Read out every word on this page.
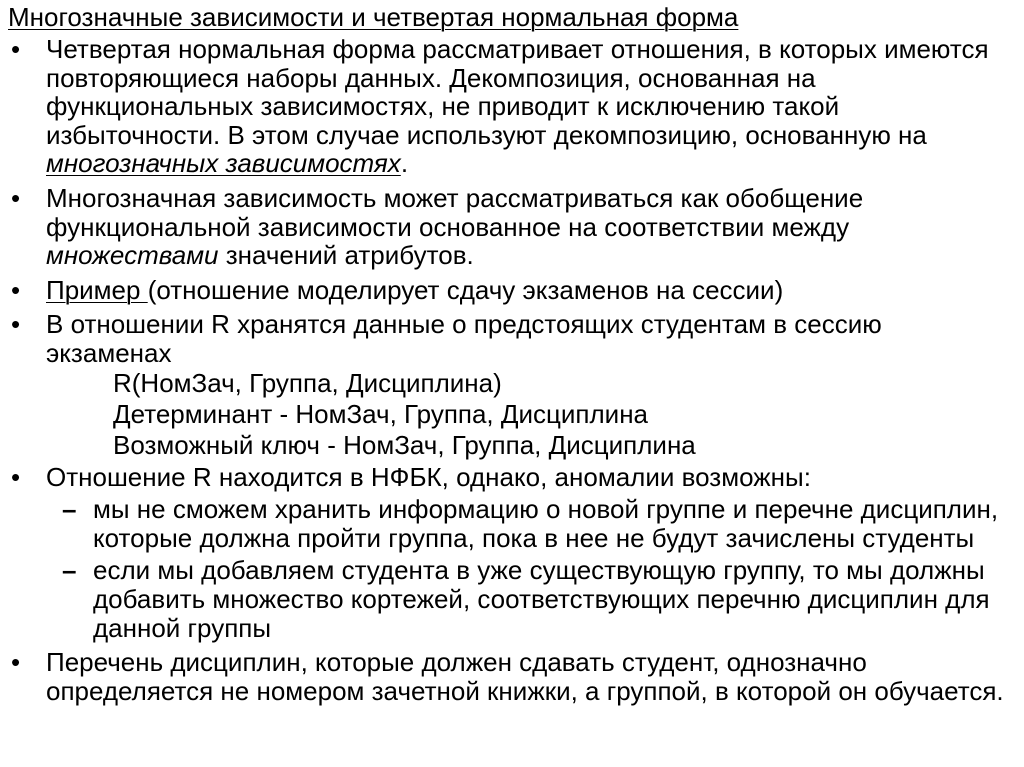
Многозначные зависимости и четвертая нормальная форма
• Четвертая нормальная форма рассматривает отношения, в которых имеются повторяющиеся наборы данных. Декомпозиция, основанная на функциональных зависимостях, не приводит к исключению такой избыточности. В этом случае используют декомпозицию, основанную на многозначных зависимостях.
• Многозначная зависимость может рассматриваться как обобщение функциональной зависимости основанное на соответствии между множествами значений атрибутов.
• Пример (отношение моделирует сдачу экзаменов на сессии)
• В отношении R хранятся данные о предстоящих студентам в сессию экзаменах
R(НомЗач, Группа, Дисциплина)
Детерминант - НомЗач, Группа, Дисциплина
Возможный ключ - НомЗач, Группа, Дисциплина
• Отношение R находится в НФБК, однако, аномалии возможны:
– мы не сможем хранить информацию о новой группе и перечне дисциплин, которые должна пройти группа, пока в нее не будут зачислены студенты
– если мы добавляем студента в уже существующую группу, то мы должны добавить множество кортежей, соответствующих перечню дисциплин для данной группы
• Перечень дисциплин, которые должен сдавать студент, однозначно определяется не номером зачетной книжки, а группой, в которой он обучается.
